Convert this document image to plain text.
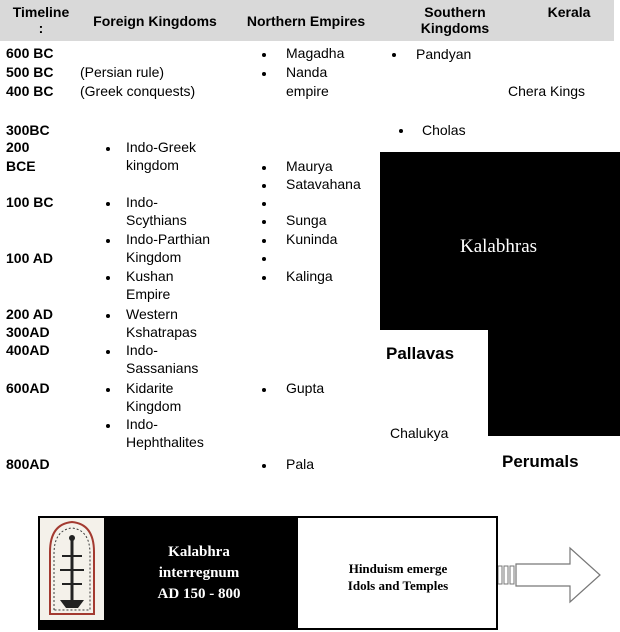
Timeline
:	Foreign Kingdoms	Northern Empires
Southern
Kingdoms
Kerala
600 BC
500 BC
400 BC
300BC
200
BCE
100 BC
100 AD
200 AD
300AD
400AD
600AD
800AD
(Persian rule)
(Greek conquests)
Indo-Greek
kingdom
Indo-
Scythians
Indo-Parthian
Kingdom
Kushan
Empire
Western
Kshatrapas
Indo-
Sassanians
Kidarite
Kingdom
Indo-
Hephthalites
Magadha
Nanda
empire
Maurya
Satavahana
Sunga
Kuninda
Kalinga
Gupta
Pala
Pandyan
Cholas
Chera Kings
Kalabhras
Pallavas
Chalukya
Perumals
Kalabhra
interregnum
AD 150 - 800
Hinduism emerge
Idols and Temples
